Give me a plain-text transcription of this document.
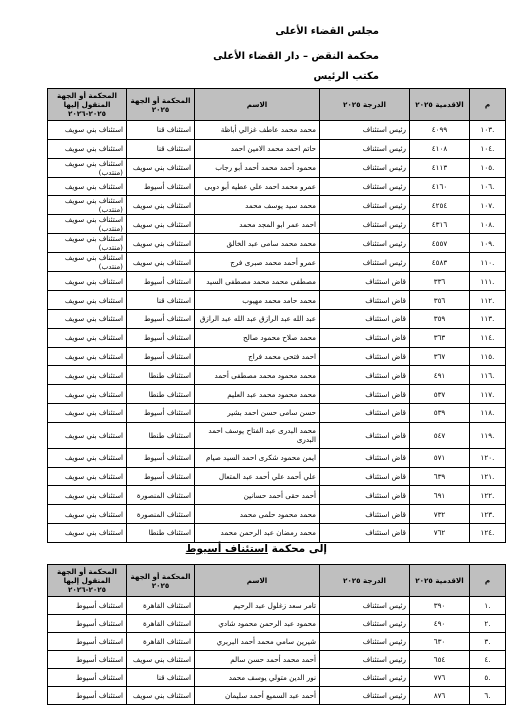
مجلس القضاء الأعلى
محكمة النقض – دار القضاء الأعلى
مكتب الرئيس
م	الاقدمية ٢٠٢٥	الدرجة ٢٠٢٥	الاسم	المحكمة أو الجهة ٢٠٢٥	المحكمة أو الجهة المنقول إليها ٢٠٢٥-٢٠٢٦
.١٠٣	٤٠٩٩	رئيس استئناف	محمد محمد عاطف غزالي أباظة	استئناف قنا	استئناف بني سويف
.١٠٤	٤١٠٨	رئيس استئناف	حاتم احمد محمد الامين احمد	استئناف قنا	استئناف بني سويف
.١٠٥	٤١١٣	رئيس استئناف	محمود أحمد محمد أحمد أبو رجاب	استئناف بني سويف	استئناف بني سويف (منتدب)
.١٠٦	٤١٦٠	رئيس استئناف	عمرو محمد احمد علي عطيه أبو دوبى	استئناف أسيوط	استئناف بني سويف
.١٠٧	٤٢٥٤	رئيس استئناف	محمد سيد يوسف محمد	استئناف بني سويف	استئناف بني سويف (منتدب)
.١٠٨	٤٣١٦	رئيس استئناف	احمد عمر ابو المجد محمد	استئناف بني سويف	استئناف بني سويف (منتدب)
.١٠٩	٤٥٥٧	رئيس استئناف	محمد محمد سامى عبد الخالق	استئناف بني سويف	استئناف بني سويف (منتدب)
.١١٠	٤٥٨٣	رئيس استئناف	عمرو أحمد محمد صبرى فرج	استئناف بني سويف	استئناف بني سويف (منتدب)
.١١١	٣٣٦	قاض استئناف	مصطفى محمد محمد مصطفى السيد	استئناف أسيوط	استئناف بني سويف
.١١٢	٣٥٦	قاض استئناف	محمد حامد محمد مهيوب	استئناف قنا	استئناف بني سويف
.١١٣	٣٥٩	قاض استئناف	عبد الله عبد الرازق عبد الله عبد الرازق	استئناف أسيوط	استئناف بني سويف
.١١٤	٣٦٣	قاض استئناف	محمد صلاح محمود صالح	استئناف أسيوط	استئناف بني سويف
.١١٥	٣٦٧	قاض استئناف	احمد فتحى محمد فراج	استئناف أسيوط	استئناف بني سويف
.١١٦	٤٩١	قاض استئناف	محمد محمود محمد مصطفى أحمد	استئناف طنطا	استئناف بني سويف
.١١٧	٥٣٧	قاض استئناف	محمد محمود محمد عبد العليم	استئناف طنطا	استئناف بني سويف
.١١٨	٥٣٩	قاض استئناف	حسن سامى حسن احمد بشير	استئناف أسيوط	استئناف بني سويف
.١١٩	٥٤٧	قاض استئناف	محمد البدرى عبد الفتاح يوسف احمد البدرى	استئناف طنطا	استئناف بني سويف
.١٢٠	٥٧١	قاض استئناف	ايمن محمود شكرى احمد السيد صيام	استئناف أسيوط	استئناف بني سويف
.١٢١	٦٣٩	قاض استئناف	علي أحمد علي أحمد عبد المتعال	استئناف أسيوط	استئناف بني سويف
.١٢٢	٦٩١	قاض استئناف	أحمد حقى أحمد حسانين	استئناف المنصورة	استئناف بني سويف
.١٢٣	٧٣٢	قاض استئناف	محمد محمود حلمى محمد	استئناف المنصورة	استئناف بني سويف
.١٢٤	٧٦٢	قاض استئناف	محمد رمضان عبد الرحمن محمد	استئناف طنطا	استئناف بني سويف
إلى محكمة استئناف أسيوط
م	الاقدمية ٢٠٢٥	الدرجة ٢٠٢٥	الاسم	المحكمة أو الجهة ٢٠٢٥	المحكمة أو الجهة المنقول إليها ٢٠٢٥-٢٠٢٦
.١	٣٩٠	رئيس استئناف	تامر سعد زغلول عبد الرحيم	استئناف القاهرة	استئناف أسيوط
.٢	٤٩٠	رئيس استئناف	محمود عبد الرحمن محمود شادي	استئناف القاهرة	استئناف أسيوط
.٣	٦٣٠	رئيس استئناف	شيرين سامي محمد أحمد البربري	استئناف القاهرة	استئناف أسيوط
.٤	٦٥٤	رئيس استئناف	أحمد محمد أحمد حسن سالم	استئناف بني سويف	استئناف أسيوط
.٥	٧٧٦	رئيس استئناف	نور الدين متولي يوسف محمد	استئناف قنا	استئناف أسيوط
.٦	٨٧٦	رئيس استئناف	أحمد عبد السميع أحمد سليمان	استئناف بني سويف	استئناف أسيوط
